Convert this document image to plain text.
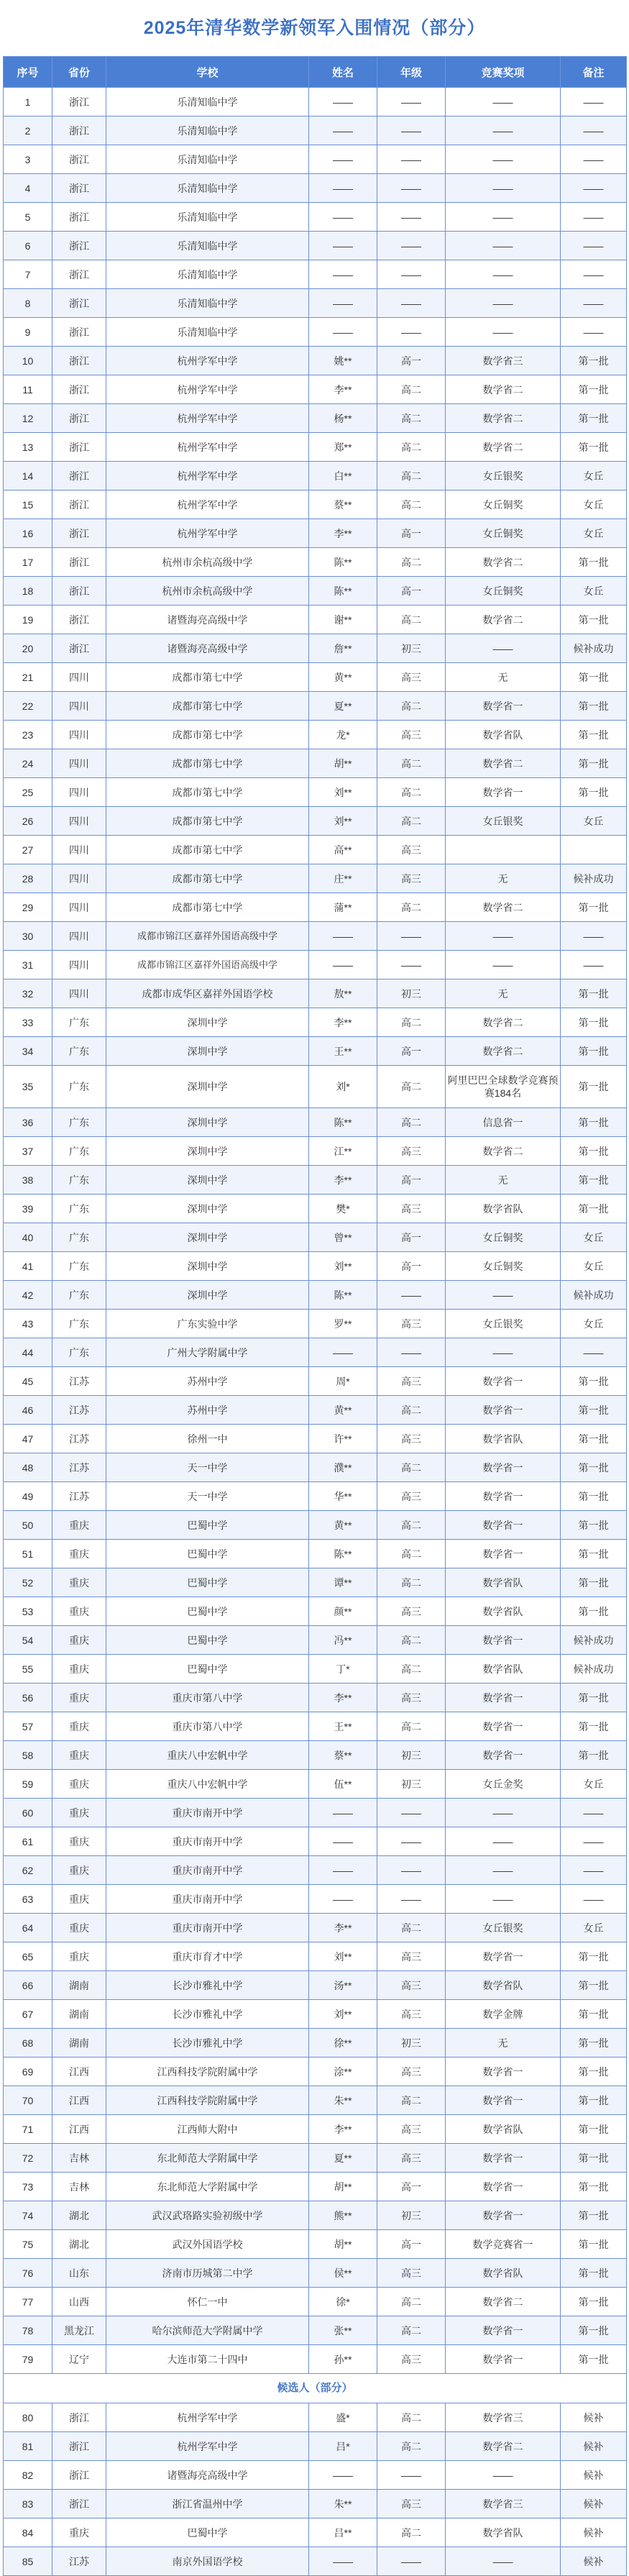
2025年清华数学新领军入围情况（部分）
序号	省份	学校	姓名	年级	竞赛奖项	备注
1	浙江	乐清知临中学	——	——	——	——
2	浙江	乐清知临中学	——	——	——	——
3	浙江	乐清知临中学	——	——	——	——
4	浙江	乐清知临中学	——	——	——	——
5	浙江	乐清知临中学	——	——	——	——
6	浙江	乐清知临中学	——	——	——	——
7	浙江	乐清知临中学	——	——	——	——
8	浙江	乐清知临中学	——	——	——	——
9	浙江	乐清知临中学	——	——	——	——
10	浙江	杭州学军中学	姚**	高一	数学省三	第一批
11	浙江	杭州学军中学	李**	高二	数学省二	第一批
12	浙江	杭州学军中学	杨**	高二	数学省二	第一批
13	浙江	杭州学军中学	郑**	高二	数学省二	第一批
14	浙江	杭州学军中学	白**	高二	女丘银奖	女丘
15	浙江	杭州学军中学	蔡**	高二	女丘铜奖	女丘
16	浙江	杭州学军中学	李**	高一	女丘铜奖	女丘
17	浙江	杭州市余杭高级中学	陈**	高二	数学省二	第一批
18	浙江	杭州市余杭高级中学	陈**	高一	女丘铜奖	女丘
19	浙江	诸暨海亮高级中学	谢**	高二	数学省二	第一批
20	浙江	诸暨海亮高级中学	詹**	初三	——	候补成功
21	四川	成都市第七中学	黄**	高三	无	第一批
22	四川	成都市第七中学	夏**	高二	数学省一	第一批
23	四川	成都市第七中学	龙*	高三	数学省队	第一批
24	四川	成都市第七中学	胡**	高二	数学省二	第一批
25	四川	成都市第七中学	刘**	高二	数学省一	第一批
26	四川	成都市第七中学	刘**	高二	女丘银奖	女丘
27	四川	成都市第七中学	高**	高三		
28	四川	成都市第七中学	庄**	高三	无	候补成功
29	四川	成都市第七中学	蒲**	高二	数学省二	第一批
30	四川	成都市锦江区嘉祥外国语高级中学	——	——	——	——
31	四川	成都市锦江区嘉祥外国语高级中学	——	——	——	——
32	四川	成都市成华区嘉祥外国语学校	敖**	初三	无	第一批
33	广东	深圳中学	李**	高二	数学省二	第一批
34	广东	深圳中学	王**	高一	数学省二	第一批
35	广东	深圳中学	刘*	高二	阿里巴巴全球数学竞赛预赛184名	第一批
36	广东	深圳中学	陈**	高二	信息省一	第一批
37	广东	深圳中学	江**	高三	数学省二	第一批
38	广东	深圳中学	李**	高一	无	第一批
39	广东	深圳中学	樊*	高三	数学省队	第一批
40	广东	深圳中学	曾**	高一	女丘铜奖	女丘
41	广东	深圳中学	刘**	高一	女丘铜奖	女丘
42	广东	深圳中学	陈**	——	——	候补成功
43	广东	广东实验中学	罗**	高三	女丘银奖	女丘
44	广东	广州大学附属中学	——	——	——	——
45	江苏	苏州中学	周*	高三	数学省一	第一批
46	江苏	苏州中学	黄**	高二	数学省一	第一批
47	江苏	徐州一中	许**	高三	数学省队	第一批
48	江苏	天一中学	濮**	高二	数学省一	第一批
49	江苏	天一中学	华**	高三	数学省一	第一批
50	重庆	巴蜀中学	黄**	高二	数学省一	第一批
51	重庆	巴蜀中学	陈**	高二	数学省一	第一批
52	重庆	巴蜀中学	谭**	高二	数学省队	第一批
53	重庆	巴蜀中学	颜**	高三	数学省队	第一批
54	重庆	巴蜀中学	冯**	高二	数学省一	候补成功
55	重庆	巴蜀中学	丁*	高二	数学省队	候补成功
56	重庆	重庆市第八中学	李**	高三	数学省一	第一批
57	重庆	重庆市第八中学	王**	高二	数学省一	第一批
58	重庆	重庆八中宏帆中学	蔡**	初三	数学省一	第一批
59	重庆	重庆八中宏帆中学	伍**	初三	女丘金奖	女丘
60	重庆	重庆市南开中学	——	——	——	——
61	重庆	重庆市南开中学	——	——	——	——
62	重庆	重庆市南开中学	——	——	——	——
63	重庆	重庆市南开中学	——	——	——	——
64	重庆	重庆市南开中学	李**	高二	女丘银奖	女丘
65	重庆	重庆市育才中学	刘**	高三	数学省一	第一批
66	湖南	长沙市雅礼中学	汤**	高三	数学省队	第一批
67	湖南	长沙市雅礼中学	刘**	高三	数学金牌	第一批
68	湖南	长沙市雅礼中学	徐**	初三	无	第一批
69	江西	江西科技学院附属中学	涂**	高三	数学省一	第一批
70	江西	江西科技学院附属中学	朱**	高二	数学省一	第一批
71	江西	江西师大附中	李**	高三	数学省队	第一批
72	吉林	东北师范大学附属中学	夏**	高三	数学省一	第一批
73	吉林	东北师范大学附属中学	胡**	高一	数学省一	第一批
74	湖北	武汉武珞路实验初级中学	熊**	初三	数学省一	第一批
75	湖北	武汉外国语学校	胡**	高一	数学竞赛省一	第一批
76	山东	济南市历城第二中学	侯**	高三	数学省队	第一批
77	山西	怀仁一中	徐*	高二	数学省二	第一批
78	黑龙江	哈尔滨师范大学附属中学	张**	高二	数学省一	第一批
79	辽宁	大连市第二十四中	孙**	高三	数学省一	第一批
候选人（部分）						
80	浙江	杭州学军中学	盛*	高二	数学省三	候补
81	浙江	杭州学军中学	吕*	高二	数学省二	候补
82	浙江	诸暨海亮高级中学	——	——	——	候补
83	浙江	浙江省温州中学	朱**	高三	数学省三	候补
84	重庆	巴蜀中学	吕**	高二	数学省队	候补
85	江苏	南京外国语学校	——	——	——	候补
